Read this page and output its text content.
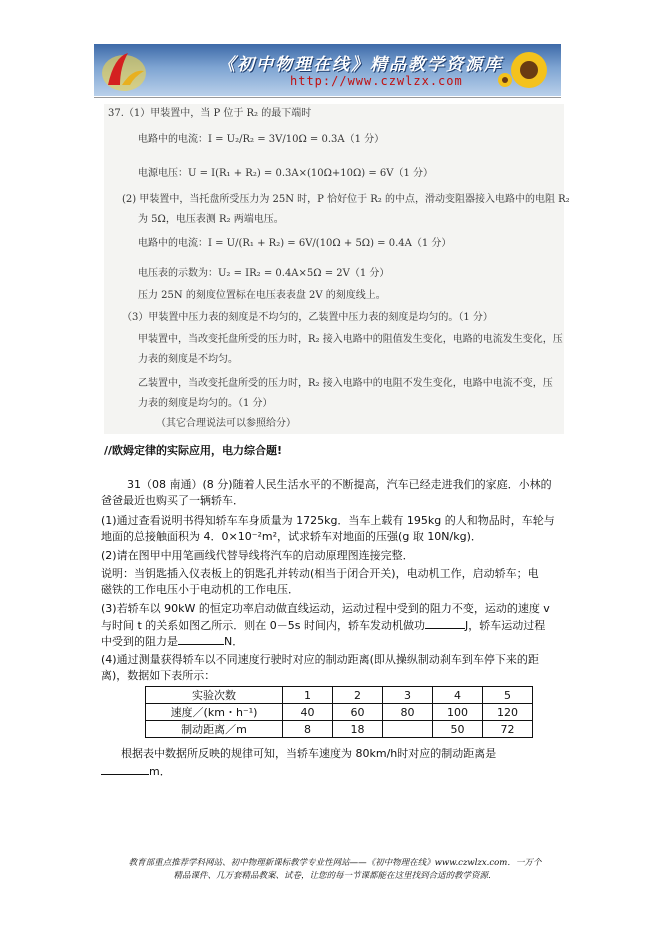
《初中物理在线》精品教学资源库
http://www.czwlzx.com
37.（1）甲装置中，当 P 位于 R₂ 的最下端时
电路中的电流：I = U₂/R₂ = 3V/10Ω = 0.3A（1 分）
电源电压：U = I(R₁ + R₂) = 0.3A×(10Ω+10Ω) = 6V（1 分）
(2) 甲装置中，当托盘所受压力为 25N 时，P 恰好位于 R₂ 的中点，滑动变阻器接入电路中的电阻 R₂
为 5Ω，电压表测 R₂ 两端电压。
电路中的电流：I = U/(R₁ + R₂) = 6V/(10Ω + 5Ω) = 0.4A（1 分）
电压表的示数为：U₂ = IR₂ = 0.4A×5Ω = 2V（1 分）
压力 25N 的刻度位置标在电压表表盘 2V 的刻度线上。
（3）甲装置中压力表的刻度是不均匀的，乙装置中压力表的刻度是均匀的。（1 分）
甲装置中，当改变托盘所受的压力时，R₂ 接入电路中的阻值发生变化，电路的电流发生变化，压
力表的刻度是不均匀。
乙装置中，当改变托盘所受的压力时，R₂ 接入电路中的电阻不发生变化，电路中电流不变，压
力表的刻度是均匀的。（1 分）
（其它合理说法可以参照给分）
//欧姆定律的实际应用，电力综合题!
31（08 南通）(8 分)随着人民生活水平的不断提高，汽车已经走进我们的家庭．小林的
爸爸最近也购买了一辆轿车．
(1)通过查看说明书得知轿车车身质量为 1725kg．当车上载有 195kg 的人和物品时，车轮与
地面的总接触面积为 4．0×10⁻²m²，试求轿车对地面的压强(g 取 10N/kg)．
(2)请在图甲中用笔画线代替导线将汽车的启动原理图连接完整．
说明：当钥匙插入仪表板上的钥匙孔并转动(相当于闭合开关)，电动机工作，启动轿车；电
磁铁的工作电压小于电动机的工作电压．
(3)若轿车以 90kW 的恒定功率启动做直线运动，运动过程中受到的阻力不变，运动的速度 v
与时间 t 的关系如图乙所示．则在 0－5s 时间内，轿车发动机做功	J，轿车运动过程
中受到的阻力是	N．
(4)通过测量获得轿车以不同速度行驶时对应的制动距离(即从操纵制动刹车到车停下来的距
离)，数据如下表所示：
实验次数	1	2	3	4	5
速度／(km・h⁻¹)	40	60	80	100	120
制动距离／m	8	18		50	72
根据表中数据所反映的规律可知，当轿车速度为 80km/h时对应的制动距离是
m．
教育部重点推荐学科网站、初中物理新课标教学专业性网站——《初中物理在线》www.czwlzx.com．一万个
精品课件、几万套精品教案、试卷，让您的每一节课都能在这里找到合适的教学资源．
